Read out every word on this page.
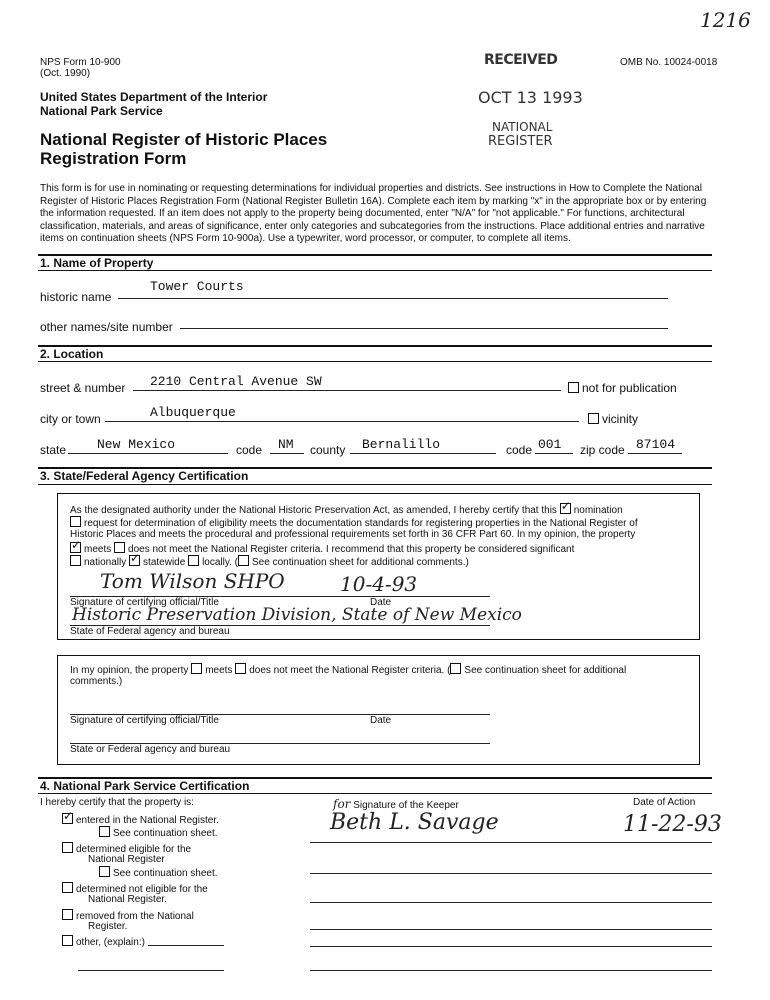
NPS Form 10-900
(Oct. 1990)
OMB No. 10024-0018
1216
RECEIVED
OCT 13 1993
NATIONAL
REGISTER
United States Department of the Interior
National Park Service
National Register of Historic Places
Registration Form
This form is for use in nominating or requesting determinations for individual properties and districts. See instructions in How to Complete the National Register of Historic Places Registration Form (National Register Bulletin 16A). Complete each item by marking "x" in the appropriate box or by entering the information requested. If an item does not apply to the property being documented, enter "N/A" for "not applicable." For functions, architectural classification, materials, and areas of significance, enter only categories and subcategories from the instructions. Place additional entries and narrative items on continuation sheets (NPS Form 10-900a). Use a typewriter, word processor, or computer, to complete all items.
1. Name of Property
historic name
Tower Courts
other names/site number
2. Location
street & number 2210 Central Avenue SW	not for publication
city or town	Albuquerque	vicinity
state New Mexico	code NM county Bernalillo	code 001 zip code 87104
3. State/Federal Agency Certification
As the designated authority under the National Historic Preservation Act, as amended, I hereby certify that this ✓ nomination
request for determination of eligibility meets the documentation standards for registering properties in the National Register of
Historic Places and meets the procedural and professional requirements set forth in 36 CFR Part 60. In my opinion, the property
✓meets does not meet the National Register criteria. I recommend that this property be considered significant
nationally ✓ statewide locally. ( See continuation sheet for additional comments.)
Tom Wilson SHPO	10-4-93
Signature of certifying official/Title	Date
Historic Preservation Division, State of New Mexico
State of Federal agency and bureau
In my opinion, the property meets does not meet the National Register criteria. ( See continuation sheet for additional
comments.)
Signature of certifying official/Title	Date
State or Federal agency and bureau
4. National Park Service Certification
I hereby certify that the property is:	for Signature of the Keeper	Date of Action
Beth L. Savage	11-22-93
✓entered in the National Register.
See continuation sheet.
determined eligible for the
National Register
See continuation sheet.
determined not eligible for the
National Register.
removed from the National
Register.
other, (explain:)
